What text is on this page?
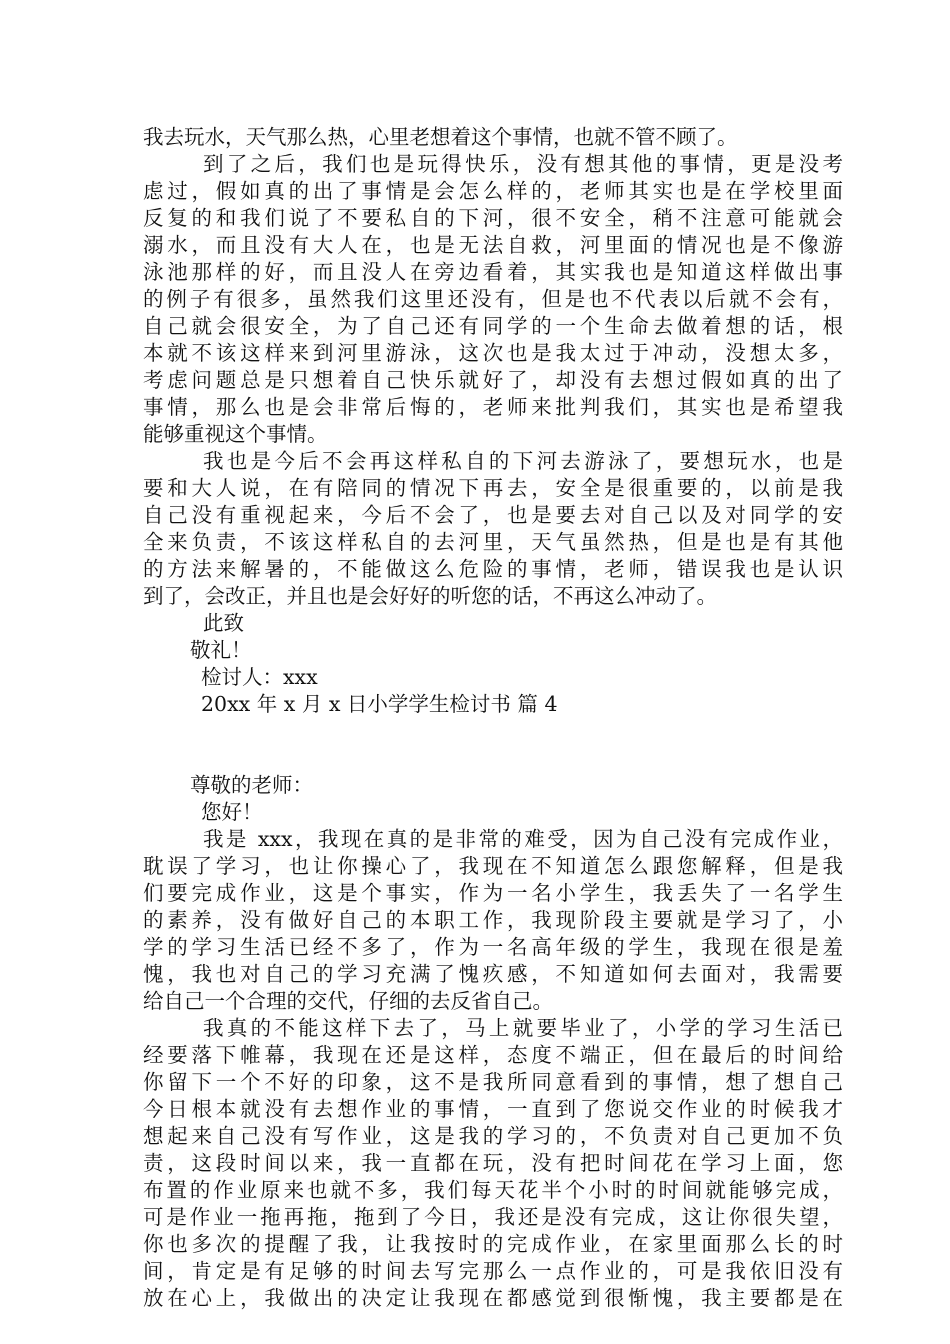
我去玩水，天气那么热，心里老想着这个事情，也就不管不顾了。
到了之后，我们也是玩得快乐，没有想其他的事情，更是没考
虑过，假如真的出了事情是会怎么样的，老师其实也是在学校里面
反复的和我们说了不要私自的下河，很不安全，稍不注意可能就会
溺水，而且没有大人在，也是无法自救，河里面的情况也是不像游
泳池那样的好，而且没人在旁边看着，其实我也是知道这样做出事
的例子有很多，虽然我们这里还没有，但是也不代表以后就不会有，
自己就会很安全，为了自己还有同学的一个生命去做着想的话，根
本就不该这样来到河里游泳，这次也是我太过于冲动，没想太多，
考虑问题总是只想着自己快乐就好了，却没有去想过假如真的出了
事情，那么也是会非常后悔的，老师来批判我们，其实也是希望我
能够重视这个事情。
我也是今后不会再这样私自的下河去游泳了，要想玩水，也是
要和大人说，在有陪同的情况下再去，安全是很重要的，以前是我
自己没有重视起来，今后不会了，也是要去对自己以及对同学的安
全来负责，不该这样私自的去河里，天气虽然热，但是也是有其他
的方法来解暑的，不能做这么危险的事情，老师，错误我也是认识
到了，会改正，并且也是会好好的听您的话，不再这么冲动了。
此致
敬礼！
检讨人：xxx
20xx 年 x 月 x 日小学学生检讨书 篇 4
尊敬的老师：
您好！
我是 xxx，我现在真的是非常的难受，因为自己没有完成作业，
耽误了学习，也让你操心了，我现在不知道怎么跟您解释，但是我
们要完成作业，这是个事实，作为一名小学生，我丢失了一名学生
的素养，没有做好自己的本职工作，我现阶段主要就是学习了，小
学的学习生活已经不多了，作为一名高年级的学生，我现在很是羞
愧，我也对自己的学习充满了愧疚感，不知道如何去面对，我需要
给自己一个合理的交代，仔细的去反省自己。
我真的不能这样下去了，马上就要毕业了，小学的学习生活已
经要落下帷幕，我现在还是这样，态度不端正，但在最后的时间给
你留下一个不好的印象，这不是我所同意看到的事情，想了想自己
今日根本就没有去想作业的事情，一直到了您说交作业的时候我才
想起来自己没有写作业，这是我的学习的，不负责对自己更加不负
责，这段时间以来，我一直都在玩，没有把时间花在学习上面，您
布置的作业原来也就不多，我们每天花半个小时的时间就能够完成，
可是作业一拖再拖，拖到了今日，我还是没有完成，这让你很失望，
你也多次的提醒了我，让我按时的完成作业，在家里面那么长的时
间，肯定是有足够的时间去写完那么一点作业的，可是我依旧没有
放在心上，我做出的决定让我现在都感觉到很惭愧，我主要都是在
